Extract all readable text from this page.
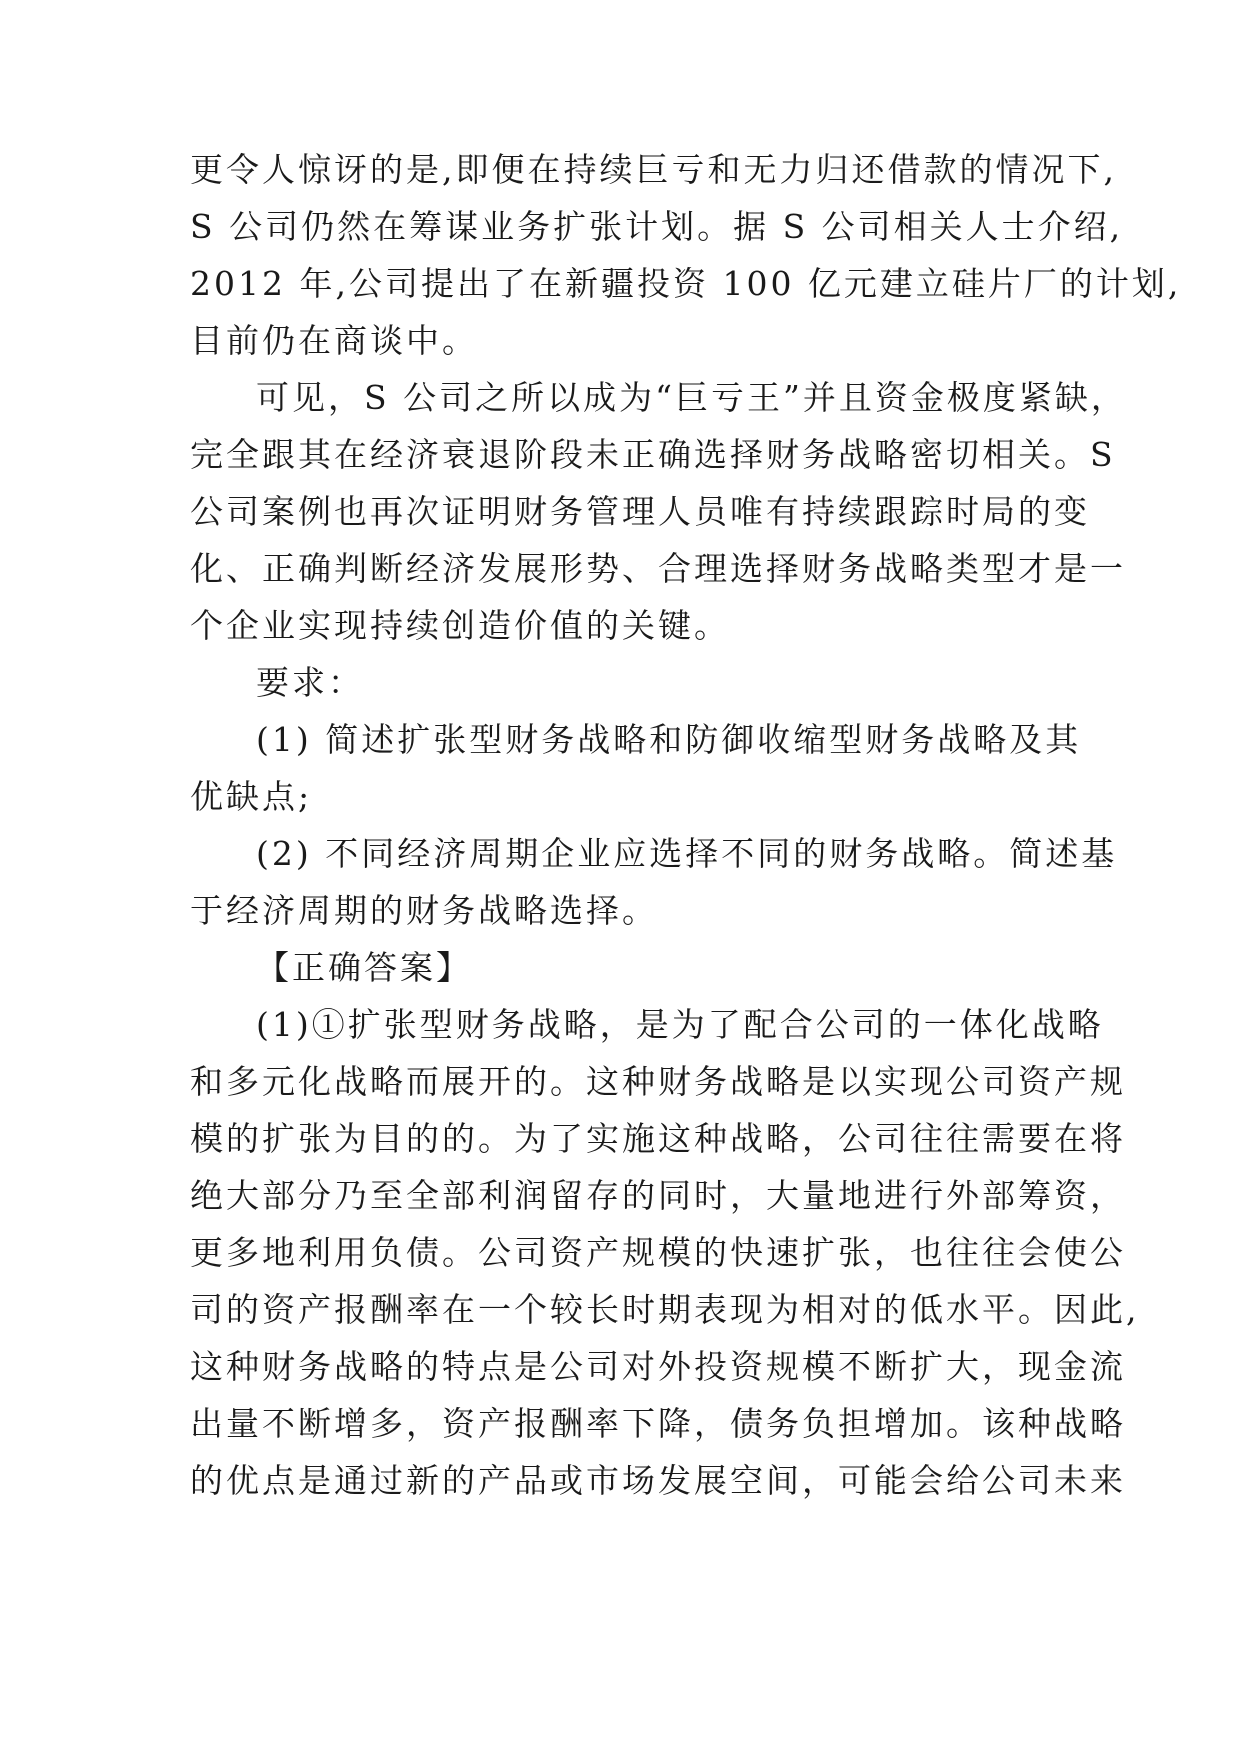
更令人惊讶的是,即便在持续巨亏和无力归还借款的情况下,
S 公司仍然在筹谋业务扩张计划。据 S 公司相关人士介绍,
2012 年,公司提出了在新疆投资 100 亿元建立硅片厂的计划,
目前仍在商谈中。
可见，S 公司之所以成为“巨亏王”并且资金极度紧缺，
完全跟其在经济衰退阶段未正确选择财务战略密切相关。S
公司案例也再次证明财务管理人员唯有持续跟踪时局的变
化、正确判断经济发展形势、合理选择财务战略类型才是一
个企业实现持续创造价值的关键。
要求：
(1) 简述扩张型财务战略和防御收缩型财务战略及其
优缺点;
(2) 不同经济周期企业应选择不同的财务战略。简述基
于经济周期的财务战略选择。
【正确答案】
(1)①扩张型财务战略，是为了配合公司的一体化战略
和多元化战略而展开的。这种财务战略是以实现公司资产规
模的扩张为目的的。为了实施这种战略，公司往往需要在将
绝大部分乃至全部利润留存的同时，大量地进行外部筹资，
更多地利用负债。公司资产规模的快速扩张，也往往会使公
司的资产报酬率在一个较长时期表现为相对的低水平。因此,
这种财务战略的特点是公司对外投资规模不断扩大，现金流
出量不断增多，资产报酬率下降，债务负担增加。该种战略
的优点是通过新的产品或市场发展空间，可能会给公司未来
